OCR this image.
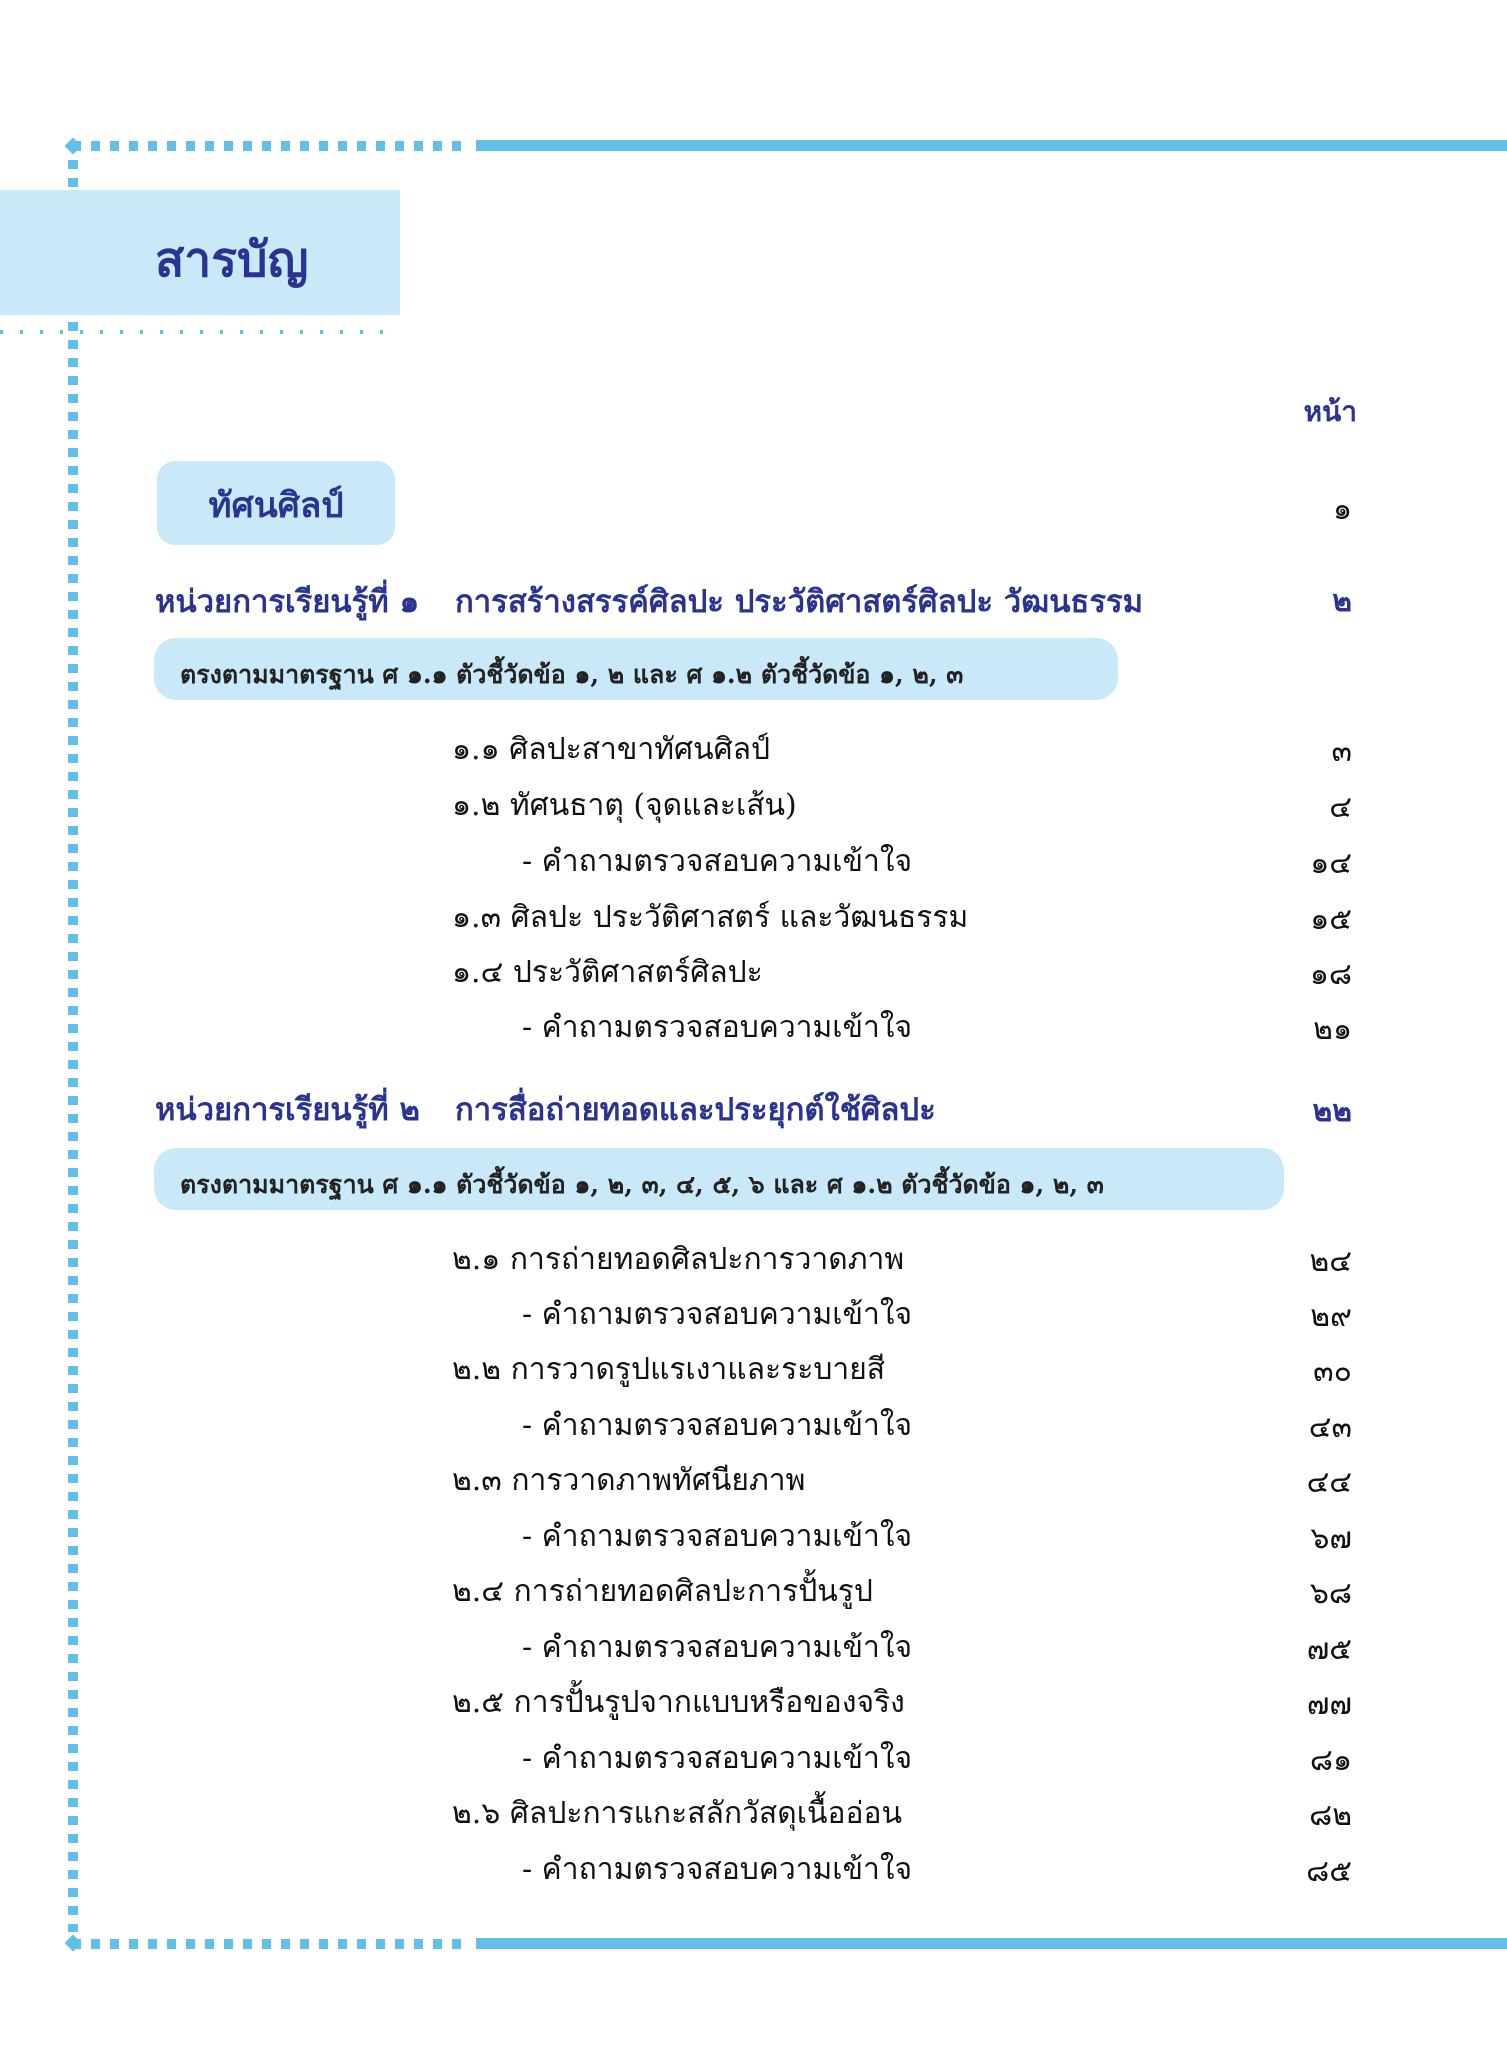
สารบัญ
หน้า
ทัศนศิลป์	๑
หน่วยการเรียนรู้ที่ ๑ การสร้างสรรค์ศิลปะ ประวัติศาสตร์ศิลปะ วัฒนธรรม	๒
ตรงตามมาตรฐาน ศ ๑.๑ ตัวชี้วัดข้อ ๑, ๒ และ ศ ๑.๒ ตัวชี้วัดข้อ ๑, ๒, ๓
๑.๑ ศิลปะสาขาทัศนศิลป์	๓
๑.๒ ทัศนธาตุ (จุดและเส้น)	๔
- คำถามตรวจสอบความเข้าใจ	๑๔
๑.๓ ศิลปะ ประวัติศาสตร์ และวัฒนธรรม	๑๕
๑.๔ ประวัติศาสตร์ศิลปะ	๑๘
- คำถามตรวจสอบความเข้าใจ	๒๑
หน่วยการเรียนรู้ที่ ๒ การสื่อถ่ายทอดและประยุกต์ใช้ศิลปะ	๒๒
ตรงตามมาตรฐาน ศ ๑.๑ ตัวชี้วัดข้อ ๑, ๒, ๓, ๔, ๕, ๖ และ ศ ๑.๒ ตัวชี้วัดข้อ ๑, ๒, ๓
๒.๑ การถ่ายทอดศิลปะการวาดภาพ	๒๔
- คำถามตรวจสอบความเข้าใจ	๒๙
๒.๒ การวาดรูปแรเงาและระบายสี	๓๐
- คำถามตรวจสอบความเข้าใจ	๔๓
๒.๓ การวาดภาพทัศนียภาพ	๔๔
- คำถามตรวจสอบความเข้าใจ	๖๗
๒.๔ การถ่ายทอดศิลปะการปั้นรูป	๖๘
- คำถามตรวจสอบความเข้าใจ	๗๕
๒.๕ การปั้นรูปจากแบบหรือของจริง	๗๗
- คำถามตรวจสอบความเข้าใจ	๘๑
๒.๖ ศิลปะการแกะสลักวัสดุเนื้ออ่อน	๘๒
- คำถามตรวจสอบความเข้าใจ	๘๕
